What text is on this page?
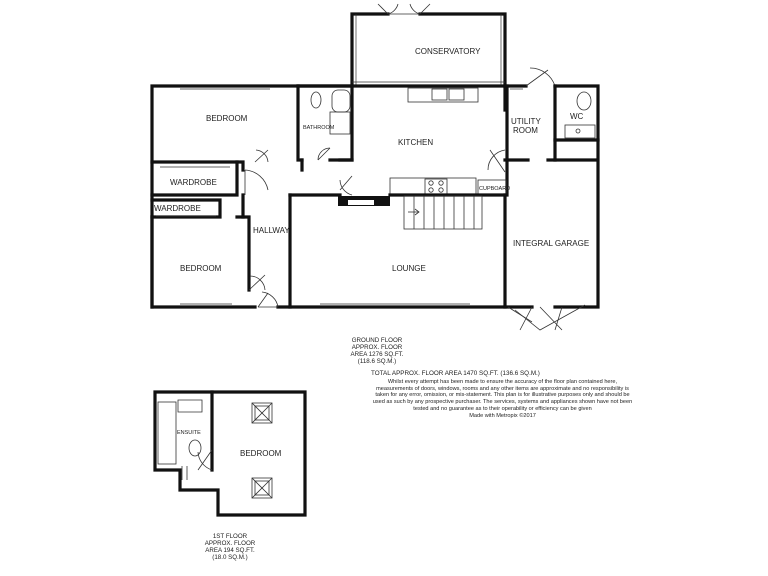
CONSERVATORY
BEDROOM
BATHROOM
KITCHEN
UTILITY
ROOM
WC
WARDROBE
WARDROBE
CUPBOARD
HALLWAY
BEDROOM	LOUNGE
INTEGRAL GARAGE
ENSUITE
BEDROOM
GROUND FLOOR
APPROX. FLOOR
AREA 1276 SQ.FT.
(118.6 SQ.M.)
TOTAL APPROX. FLOOR AREA 1470 SQ.FT. (136.6 SQ.M.)
Whilst every attempt has been made to ensure the accuracy of the floor plan contained here, measurements of doors, windows, rooms and any other items are approximate and no responsibility is taken for any error, omission, or mis-statement. This plan is for illustrative purposes only and should be used as such by any prospective purchaser. The services, systems and appliances shown have not been tested and no guarantee as to their operability or efficiency can be given
Made with Metropix ©2017
1ST FLOOR
APPROX. FLOOR
AREA 194 SQ.FT.
(18.0 SQ.M.)
